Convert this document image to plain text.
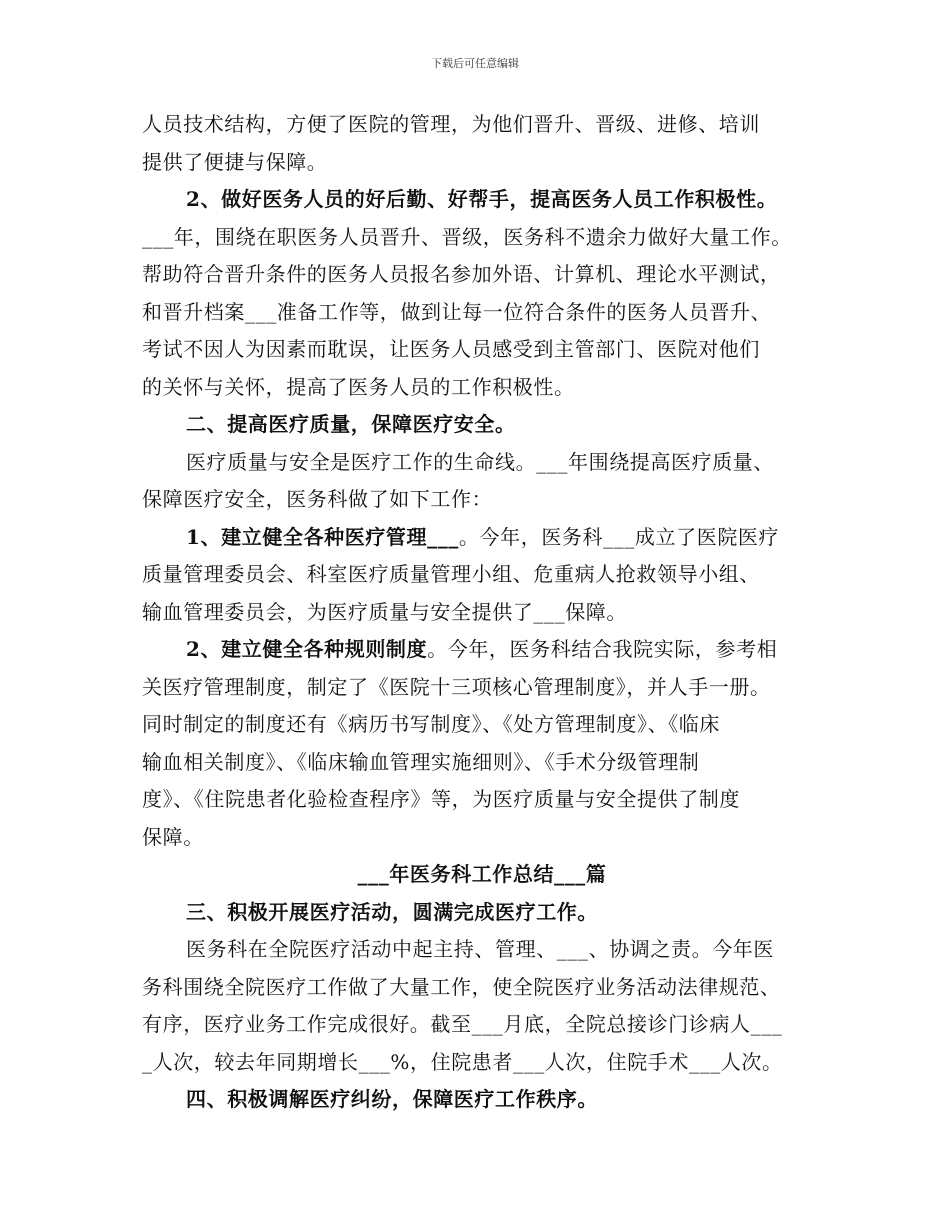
下载后可任意编辑
人员技术结构，方便了医院的管理，为他们晋升、晋级、进修、培训
提供了便捷与保障。
2、做好医务人员的好后勤、好帮手，提高医务人员工作积极性。
___年，围绕在职医务人员晋升、晋级，医务科不遗余力做好大量工作。
帮助符合晋升条件的医务人员报名参加外语、计算机、理论水平测试，
和晋升档案___准备工作等，做到让每一位符合条件的医务人员晋升、
考试不因人为因素而耽误，让医务人员感受到主管部门、医院对他们
的关怀与关怀，提高了医务人员的工作积极性。
二、提高医疗质量，保障医疗安全。
医疗质量与安全是医疗工作的生命线。___年围绕提高医疗质量、
保障医疗安全，医务科做了如下工作：
1、建立健全各种医疗管理___。今年，医务科___成立了医院医疗
质量管理委员会、科室医疗质量管理小组、危重病人抢救领导小组、
输血管理委员会，为医疗质量与安全提供了___保障。
2、建立健全各种规则制度。今年，医务科结合我院实际，参考相
关医疗管理制度，制定了《医院十三项核心管理制度》，并人手一册。
同时制定的制度还有《病历书写制度》、《处方管理制度》、《临床
输血相关制度》、《临床输血管理实施细则》、《手术分级管理制
度》、《住院患者化验检查程序》等，为医疗质量与安全提供了制度
保障。
___年医务科工作总结___篇
三、积极开展医疗活动，圆满完成医疗工作。
医务科在全院医疗活动中起主持、管理、___、协调之责。今年医
务科围绕全院医疗工作做了大量工作，使全院医疗业务活动法律规范、
有序，医疗业务工作完成很好。截至___月底，全院总接诊门诊病人___
_人次，较去年同期增长___%，住院患者___人次，住院手术___人次。
四、积极调解医疗纠纷，保障医疗工作秩序。
